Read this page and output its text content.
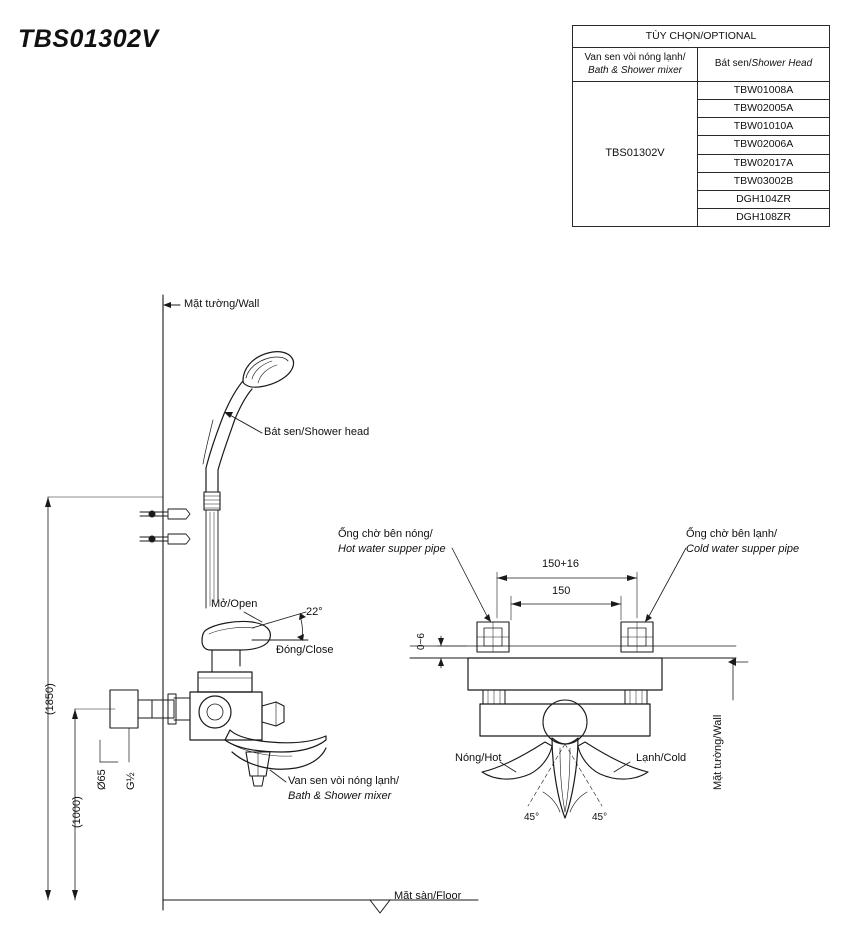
TBS01302V	TÙY CHỌN/OPTIONAL	
Van sen vòi nóng lạnh/
Bath & Shower mixer	Bát sen/Shower Head
TBS01302V	TBW01008A
	TBW02005A
	TBW01010A
	TBW02006A
	TBW02017A
	TBW03002B
	DGH104ZR
	DGH108ZR
Mặt tường/Wall
Bát sen/Shower head
Mở/Open
22°
Đóng/Close
Van sen vòi nóng lạnh/
Bath & Shower mixer
Mặt sàn/Floor
(1850)
(1000)
Ø65 G½
Ống chờ bên nóng/
Hot water supper pipe
Ống chờ bên lạnh/
Cold water supper pipe
150+16
150
0~6
Nóng/Hot	Lạnh/Cold
45°	45°
Mặt tường/Wall
